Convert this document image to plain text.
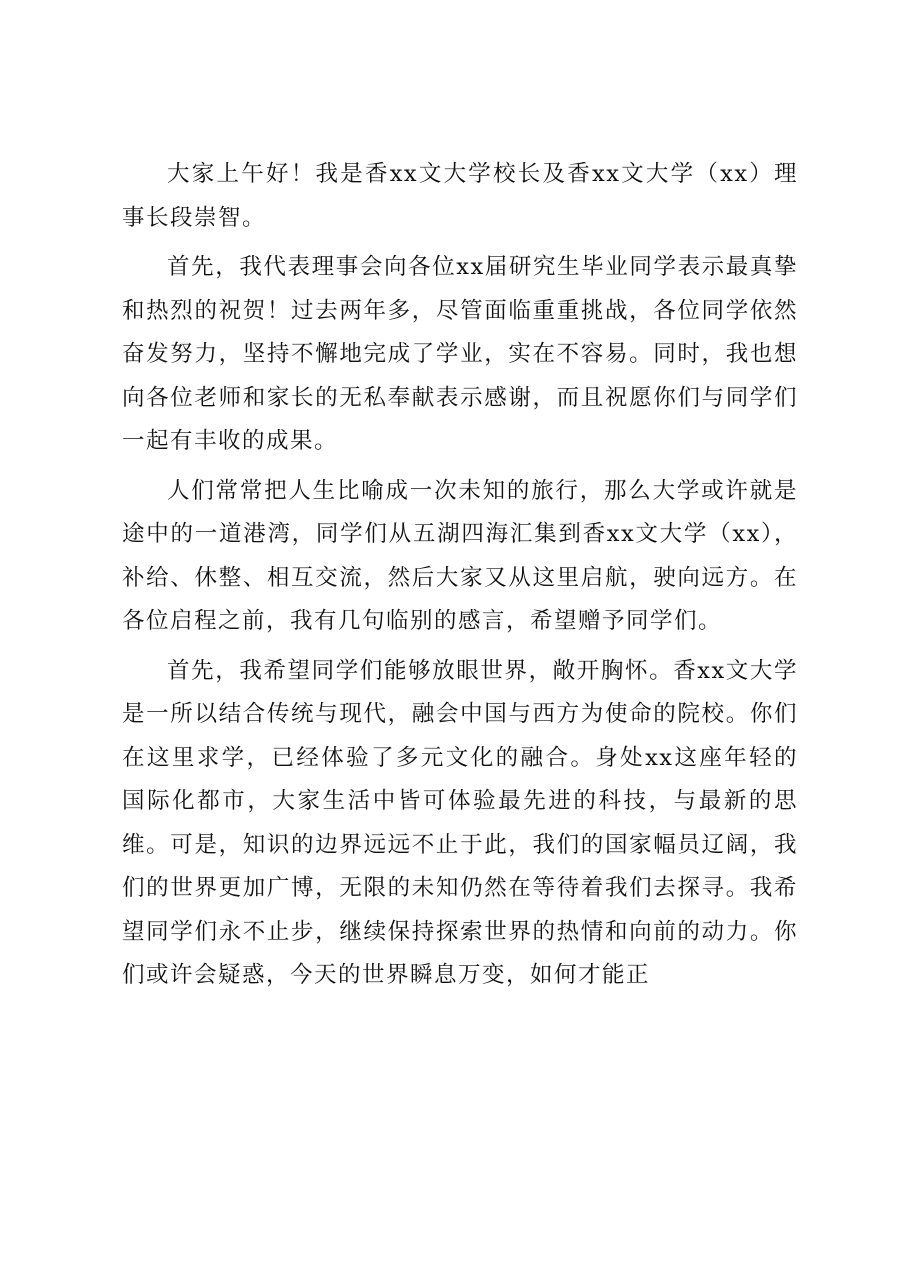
大家上午好！我是香xx文大学校长及香xx文大学（xx）理事长段崇智。

首先，我代表理事会向各位xx届研究生毕业同学表示最真挚和热烈的祝贺！过去两年多，尽管面临重重挑战，各位同学依然奋发努力，坚持不懈地完成了学业，实在不容易。同时，我也想向各位老师和家长的无私奉献表示感谢，而且祝愿你们与同学们一起有丰收的成果。

人们常常把人生比喻成一次未知的旅行，那么大学或许就是途中的一道港湾，同学们从五湖四海汇集到香xx文大学（xx），补给、休整、相互交流，然后大家又从这里启航，驶向远方。在各位启程之前，我有几句临别的感言，希望赠予同学们。

首先，我希望同学们能够放眼世界，敞开胸怀。香xx文大学是一所以结合传统与现代，融会中国与西方为使命的院校。你们在这里求学，已经体验了多元文化的融合。身处xx这座年轻的国际化都市，大家生活中皆可体验最先进的科技，与最新的思维。可是，知识的边界远远不止于此，我们的国家幅员辽阔，我们的世界更加广博，无限的未知仍然在等待着我们去探寻。我希望同学们永不止步，继续保持探索世界的热情和向前的动力。你们或许会疑惑，今天的世界瞬息万变，如何才能正
